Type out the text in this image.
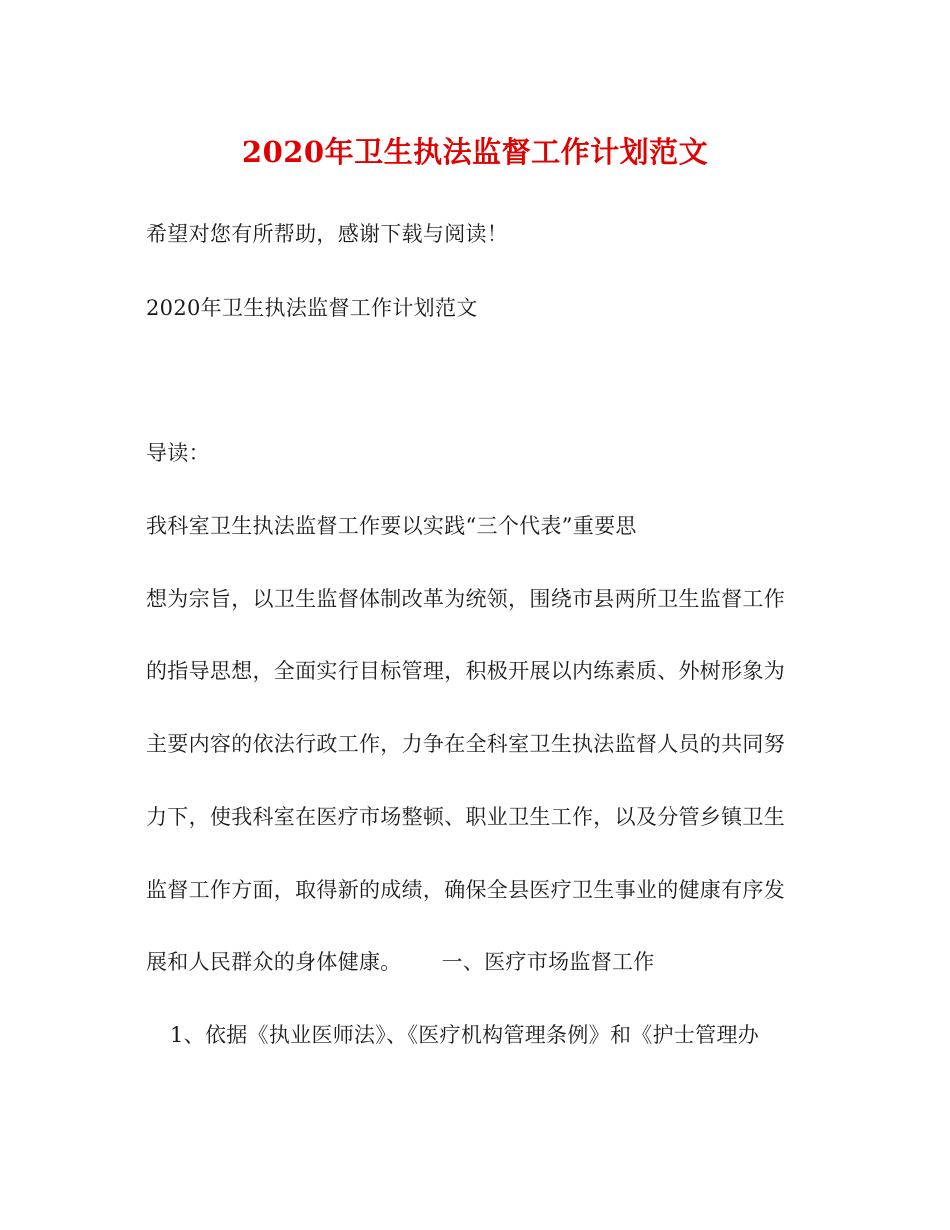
2020年卫生执法监督工作计划范文
希望对您有所帮助，感谢下载与阅读！
2020年卫生执法监督工作计划范文
导读：
我科室卫生执法监督工作要以实践“三个代表”重要思
想为宗旨，以卫生监督体制改革为统领，围绕市县两所卫生监督工作
的指导思想，全面实行目标管理，积极开展以内练素质、外树形象为
主要内容的依法行政工作，力争在全科室卫生执法监督人员的共同努
力下，使我科室在医疗市场整顿、职业卫生工作，以及分管乡镇卫生
监督工作方面，取得新的成绩，确保全县医疗卫生事业的健康有序发
展和人民群众的身体健康。 一、医疗市场监督工作
1、依据《执业医师法》、《医疗机构管理条例》和《护士管理办
